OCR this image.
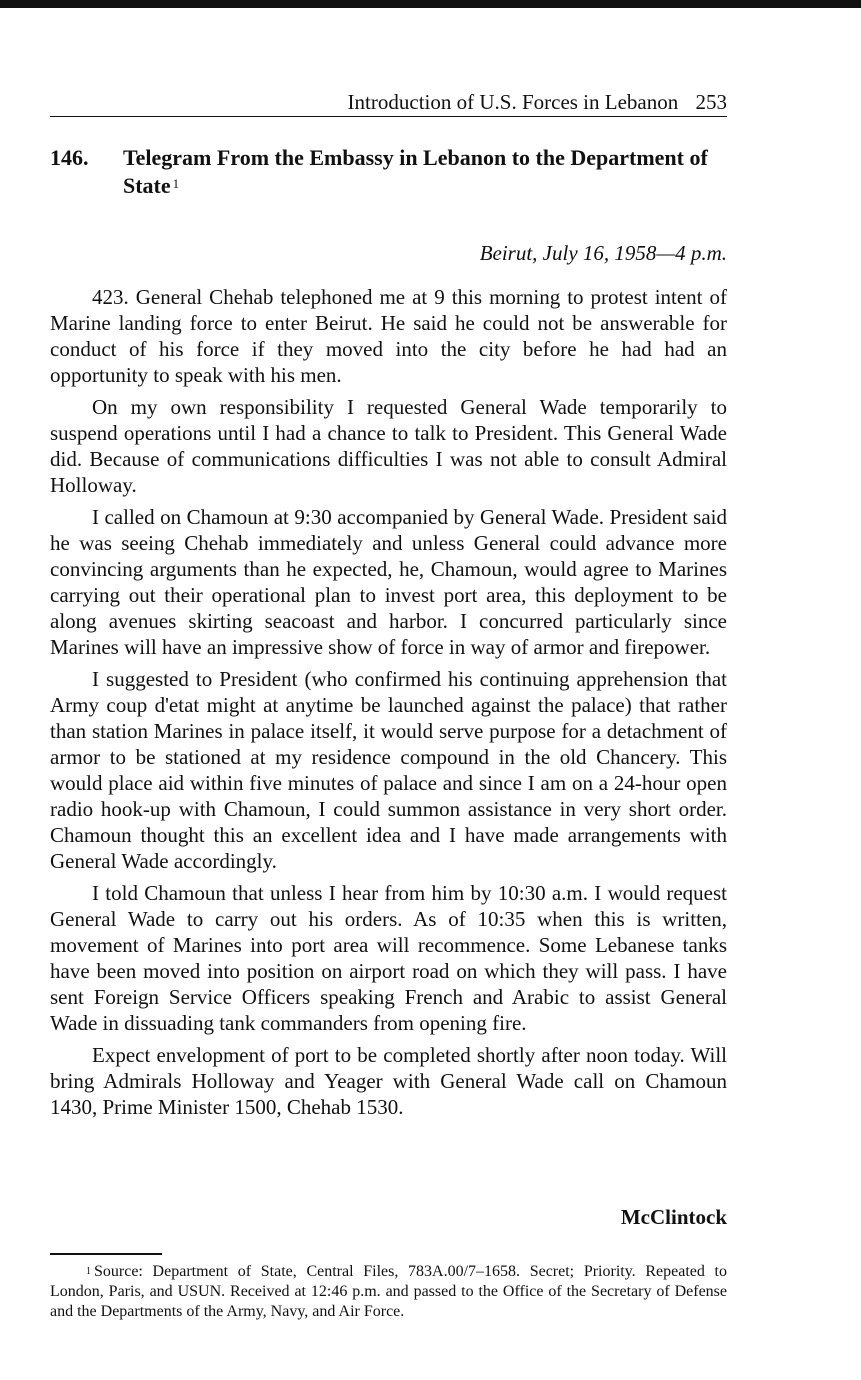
Introduction of U.S. Forces in Lebanon 253
146. Telegram From the Embassy in Lebanon to the Department of State $^1$
Beirut, July 16, 1958—4 p.m.

423. General Chehab telephoned me at 9 this morning to protest intent of Marine landing force to enter Beirut. He said he could not be answerable for conduct of his force if they moved into the city before he had had an opportunity to speak with his men.

On my own responsibility I requested General Wade temporarily to suspend operations until I had a chance to talk to President. This General Wade did. Because of communications difficulties I was not able to consult Admiral Holloway.

I called on Chamoun at 9:30 accompanied by General Wade. President said he was seeing Chehab immediately and unless General could advance more convincing arguments than he expected, he, Chamoun, would agree to Marines carrying out their operational plan to invest port area, this deployment to be along avenues skirting seacoast and harbor. I concurred particularly since Marines will have an impressive show of force in way of armor and firepower.

I suggested to President (who confirmed his continuing apprehension that Army coup d'etat might at anytime be launched against the palace) that rather than station Marines in palace itself, it would serve purpose for a detachment of armor to be stationed at my residence compound in the old Chancery. This would place aid within five minutes of palace and since I am on a 24-hour open radio hook-up with Chamoun, I could summon assistance in very short order. Chamoun thought this an excellent idea and I have made arrangements with General Wade accordingly.

I told Chamoun that unless I hear from him by 10:30 a.m. I would request General Wade to carry out his orders. As of 10:35 when this is written, movement of Marines into port area will recommence. Some Lebanese tanks have been moved into position on airport road on which they will pass. I have sent Foreign Service Officers speaking French and Arabic to assist General Wade in dissuading tank commanders from opening fire.

Expect envelopment of port to be completed shortly after noon today. Will bring Admirals Holloway and Yeager with General Wade call on Chamoun 1430, Prime Minister 1500, Chehab 1530.

McClintock
$^1$ Source: Department of State, Central Files, 783A.00/7–1658. Secret; Priority. Repeated to London, Paris, and USUN. Received at 12:46 p.m. and passed to the Office of the Secretary of Defense and the Departments of the Army, Navy, and Air Force.
